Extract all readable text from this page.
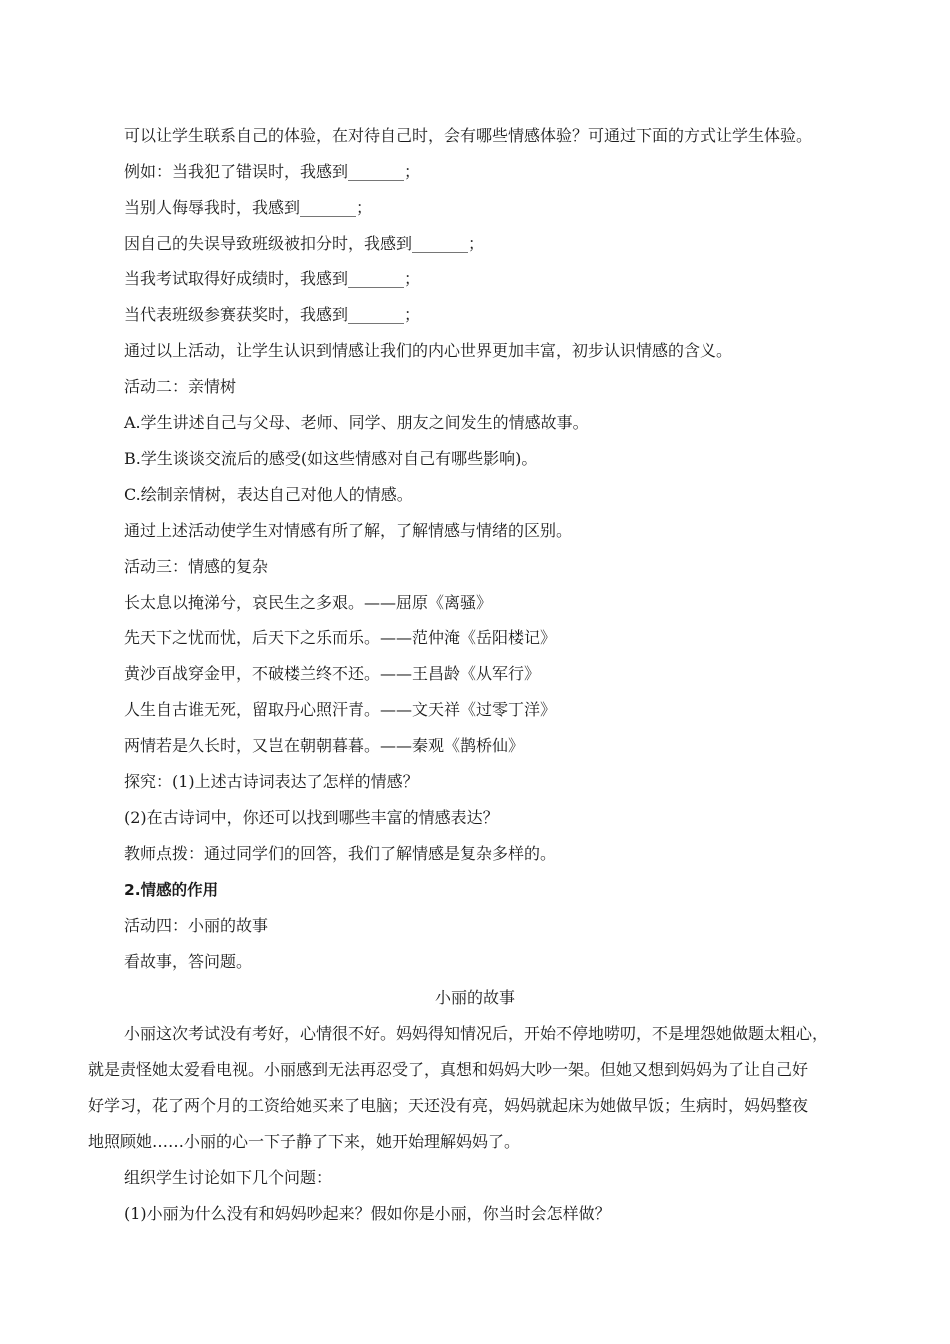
可以让学生联系自己的体验，在对待自己时，会有哪些情感体验？可通过下面的方式让学生体验。
例如：当我犯了错误时，我感到_______；
当别人侮辱我时，我感到_______；
因自己的失误导致班级被扣分时，我感到_______；
当我考试取得好成绩时，我感到_______；
当代表班级参赛获奖时，我感到_______；
通过以上活动，让学生认识到情感让我们的内心世界更加丰富，初步认识情感的含义。
活动二：亲情树
A.学生讲述自己与父母、老师、同学、朋友之间发生的情感故事。
B.学生谈谈交流后的感受(如这些情感对自己有哪些影响)。
C.绘制亲情树，表达自己对他人的情感。
通过上述活动使学生对情感有所了解，了解情感与情绪的区别。
活动三：情感的复杂
长太息以掩涕兮，哀民生之多艰。——屈原《离骚》
先天下之忧而忧，后天下之乐而乐。——范仲淹《岳阳楼记》
黄沙百战穿金甲，不破楼兰终不还。——王昌龄《从军行》
人生自古谁无死，留取丹心照汗青。——文天祥《过零丁洋》
两情若是久长时，又岂在朝朝暮暮。——秦观《鹊桥仙》
探究：(1)上述古诗词表达了怎样的情感？
(2)在古诗词中，你还可以找到哪些丰富的情感表达？
教师点拨：通过同学们的回答，我们了解情感是复杂多样的。
2.情感的作用
活动四：小丽的故事
看故事，答问题。
小丽的故事
小丽这次考试没有考好，心情很不好。妈妈得知情况后，开始不停地唠叨，不是埋怨她做题太粗心，
就是责怪她太爱看电视。小丽感到无法再忍受了，真想和妈妈大吵一架。但她又想到妈妈为了让自己好
好学习，花了两个月的工资给她买来了电脑；天还没有亮，妈妈就起床为她做早饭；生病时，妈妈整夜
地照顾她……小丽的心一下子静了下来，她开始理解妈妈了。
组织学生讨论如下几个问题：
(1)小丽为什么没有和妈妈吵起来？假如你是小丽，你当时会怎样做？
